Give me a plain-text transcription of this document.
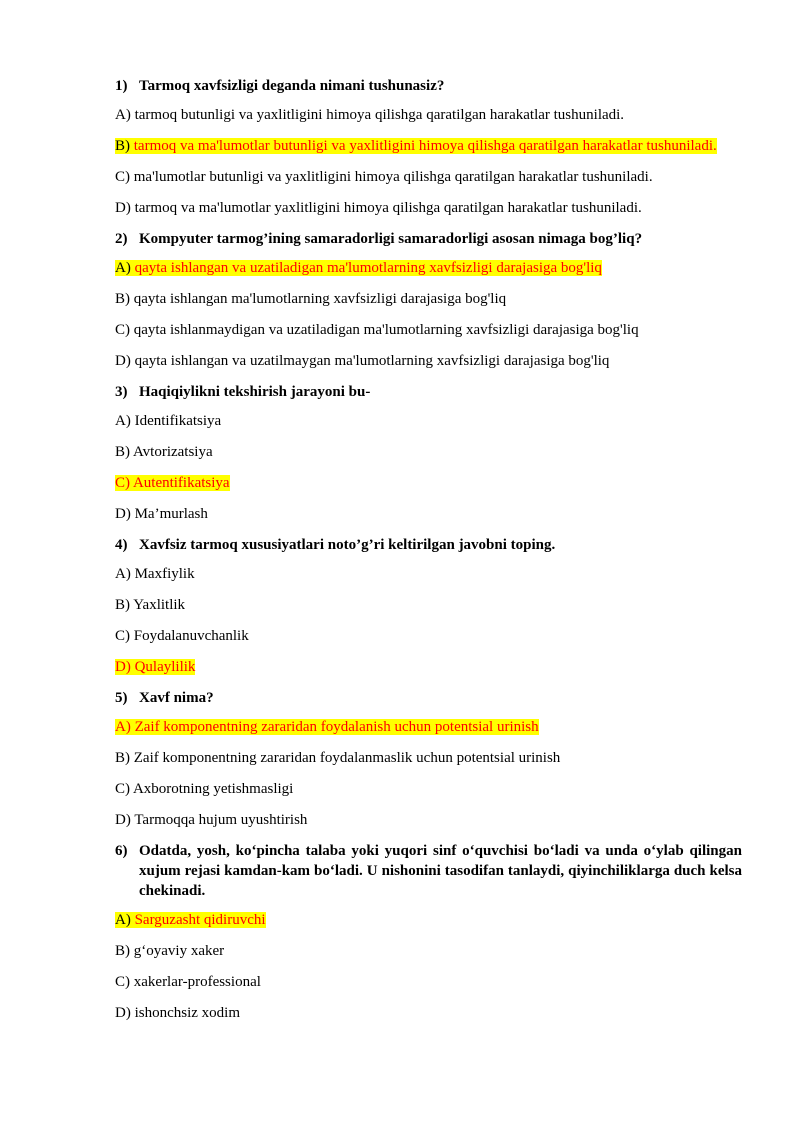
1) Tarmoq xavfsizligi deganda nimani tushunasiz?
A) tarmoq butunligi va yaxlitligini himoya qilishga qaratilgan harakatlar tushuniladi.
B) tarmoq va ma'lumotlar butunligi va yaxlitligini himoya qilishga qaratilgan harakatlar tushuniladi.
C) ma'lumotlar butunligi va yaxlitligini himoya qilishga qaratilgan harakatlar tushuniladi.
D) tarmoq va ma'lumotlar yaxlitligini himoya qilishga qaratilgan harakatlar tushuniladi.
2) Kompyuter tarmog’ining samaradorligi samaradorligi asosan nimaga bog’liq?
A) qayta ishlangan va uzatiladigan ma'lumotlarning xavfsizligi darajasiga bog'liq
B) qayta ishlangan ma'lumotlarning xavfsizligi darajasiga bog'liq
C) qayta ishlanmaydigan va uzatiladigan ma'lumotlarning xavfsizligi darajasiga bog'liq
D) qayta ishlangan va uzatilmaygan ma'lumotlarning xavfsizligi darajasiga bog'liq
3) Haqiqiylikni tekshirish jarayoni bu-
A) Identifikatsiya
B) Avtorizatsiya
C) Autentifikatsiya
D) Ma’murlash
4) Xavfsiz tarmoq xususiyatlari noto’g’ri keltirilgan javobni toping.
A) Maxfiylik
B) Yaxlitlik
C) Foydalanuvchanlik
D) Qulaylilik
5) Xavf nima?
A) Zaif komponentning zararidan foydalanish uchun potentsial urinish
B) Zaif komponentning zararidan foydalanmaslik uchun potentsial urinish
C) Axborotning yetishmasligi
D) Tarmoqqa hujum uyushtirish
6) Odatda, yosh, ko‘pincha talaba yoki yuqori sinf o‘quvchisi bo‘ladi va unda o‘ylab qilingan xujum rejasi kamdan-kam bo‘ladi. U nishonini tasodifan tanlaydi, qiyinchiliklarga duch kelsa chekinadi.
A) Sarguzasht qidiruvchi
B) g‘oyaviy xaker
C) xakerlar-professional
D) ishonchsiz xodim
